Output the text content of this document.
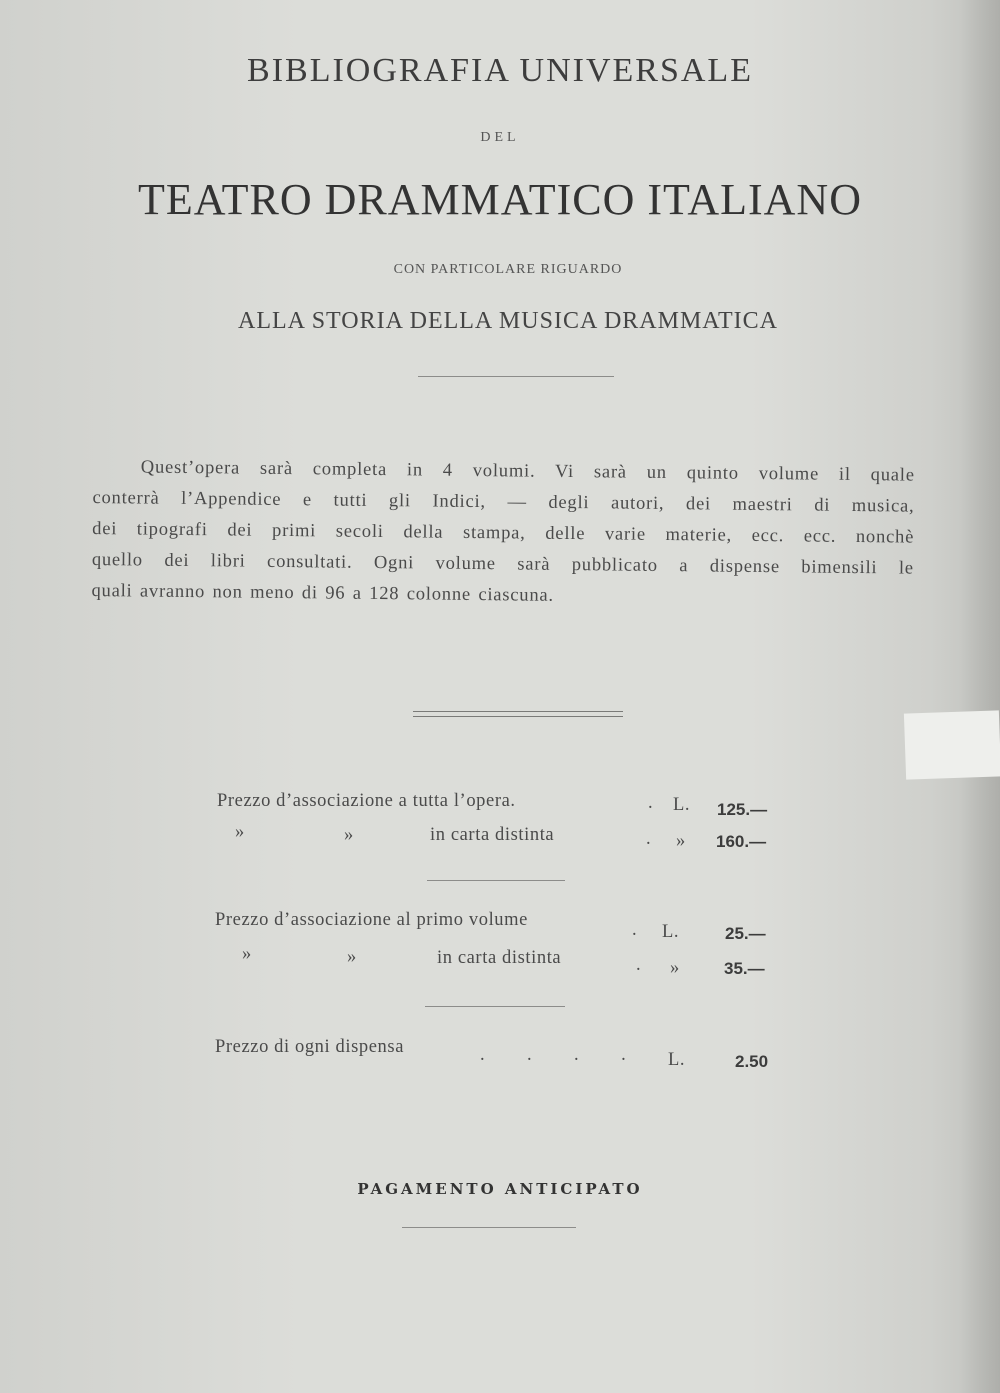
BIBLIOGRAFIA UNIVERSALE
DEL
TEATRO DRAMMATICO ITALIANO
CON PARTICOLARE RIGUARDO
ALLA STORIA DELLA MUSICA DRAMMATICA
Quest’opera sarà completa in 4 volumi. Vi sarà un quinto volume il quale
conterrà l’Appendice e tutti gli Indici, — degli autori, dei maestri di musica,
dei tipografi dei primi secoli della stampa, delle varie materie, ecc. ecc. nonchè
quello dei libri consultati. Ogni volume sarà pubblicato a dispense bimensili le
quali avranno non meno di 96 a 128 colonne ciascuna.
Prezzo d’associazione a tutta l’opera.	. L. 125.—
»	»	in carta distinta	. » 160.—
Prezzo d’associazione al primo volume	. L.	25.—
»	»	in carta distinta	. »	35.—
Prezzo di ogni dispensa	.        .        .        . L.	2.50
PAGAMENTO ANTICIPATO
